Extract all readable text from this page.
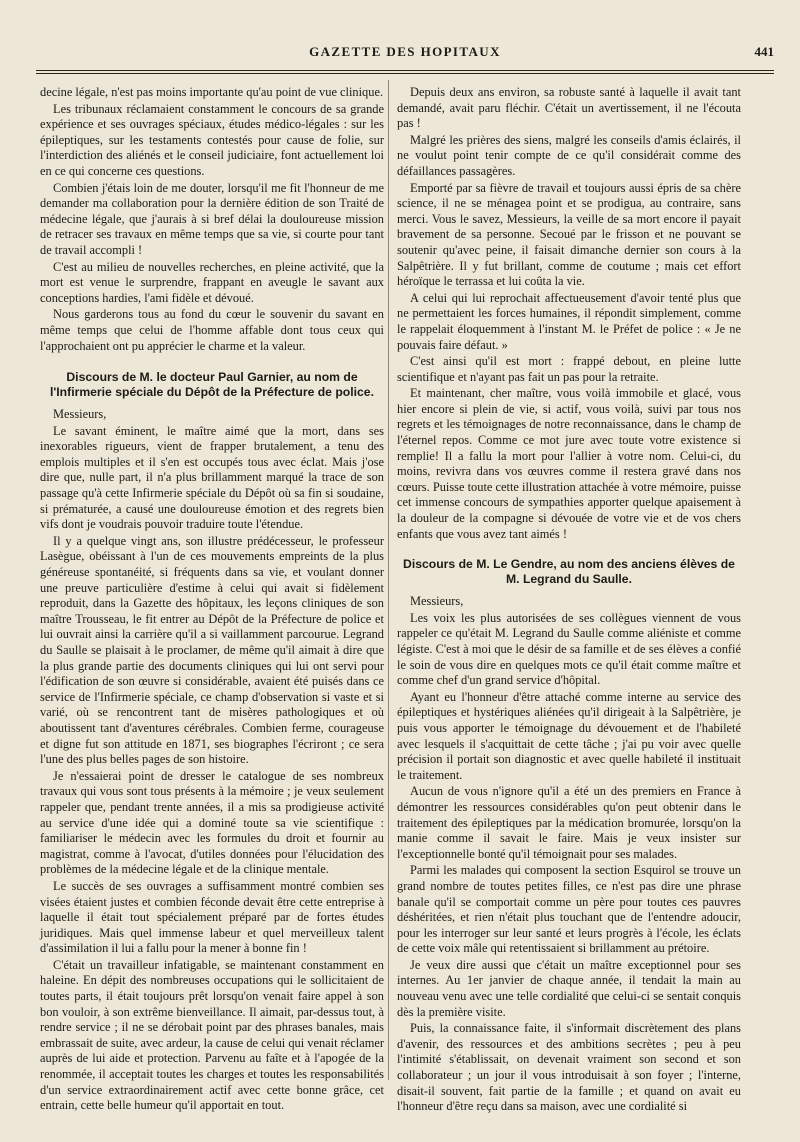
GAZETTE DES HOPITAUX	441

decine légale, n'est pas moins importante qu'au point de vue clinique.

Les tribunaux réclamaient constamment le concours de sa grande expérience et ses ouvrages spéciaux, études médico-légales : sur les épileptiques, sur les testaments contestés pour cause de folie, sur l'interdiction des aliénés et le conseil judiciaire, font actuellement loi en ce qui concerne ces questions.

Combien j'étais loin de me douter, lorsqu'il me fit l'honneur de me demander ma collaboration pour la dernière édition de son Traité de médecine légale, que j'aurais à si bref délai la douloureuse mission de retracer ses travaux en même temps que sa vie, si courte pour tant de travail accompli !

C'est au milieu de nouvelles recherches, en pleine activité, que la mort est venue le surprendre, frappant en aveugle le savant aux conceptions hardies, l'ami fidèle et dévoué.

Nous garderons tous au fond du cœur le souvenir du savant en même temps que celui de l'homme affable dont tous ceux qui l'approchaient ont pu apprécier le charme et la valeur.

Discours de M. le docteur Paul Garnier, au nom de l'Infirmerie spéciale du Dépôt de la Préfecture de police.

Messieurs,

Le savant éminent, le maître aimé que la mort, dans ses inexorables rigueurs, vient de frapper brutalement, a tenu des emplois multiples et il s'en est occupés tous avec éclat. Mais j'ose dire que, nulle part, il n'a plus brillamment marqué la trace de son passage qu'à cette Infirmerie spéciale du Dépôt où sa fin si soudaine, si prématurée, a causé une douloureuse émotion et des regrets bien vifs dont je voudrais pouvoir traduire toute l'étendue.

Il y a quelque vingt ans, son illustre prédécesseur, le professeur Lasègue, obéissant à l'un de ces mouvements empreints de la plus généreuse spontanéité, si fréquents dans sa vie, et voulant donner une preuve particulière d'estime à celui qui avait si fidèlement reproduit, dans la Gazette des hôpitaux, les leçons cliniques de son maître Trousseau, le fit entrer au Dépôt de la Préfecture de police et lui ouvrait ainsi la carrière qu'il a si vaillamment parcourue. Legrand du Saulle se plaisait à le proclamer, de même qu'il aimait à dire que la plus grande partie des documents cliniques qui lui ont servi pour l'édification de son œuvre si considérable, avaient été puisés dans ce service de l'Infirmerie spéciale, ce champ d'observation si vaste et si varié, où se rencontrent tant de misères pathologiques et où aboutissent tant d'aventures cérébrales. Combien ferme, courageuse et digne fut son attitude en 1871, ses biographes l'écriront ; ce sera l'une des plus belles pages de son histoire.

Je n'essaierai point de dresser le catalogue de ses nombreux travaux qui vous sont tous présents à la mémoire ; je veux seulement rappeler que, pendant trente années, il a mis sa prodigieuse activité au service d'une idée qui a dominé toute sa vie scientifique : familiariser le médecin avec les formules du droit et fournir au magistrat, comme à l'avocat, d'utiles données pour l'élucidation des problèmes de la médecine légale et de la clinique mentale.

Le succès de ses ouvrages a suffisamment montré combien ses visées étaient justes et combien féconde devait être cette entreprise à laquelle il était tout spécialement préparé par de fortes études juridiques. Mais quel immense labeur et quel merveilleux talent d'assimilation il lui a fallu pour la mener à bonne fin !

C'était un travailleur infatigable, se maintenant constamment en haleine. En dépit des nombreuses occupations qui le sollicitaient de toutes parts, il était toujours prêt lorsqu'on venait faire appel à son bon vouloir, à son extrême bienveillance. Il aimait, par-dessus tout, à rendre service ; il ne se dérobait point par des phrases banales, mais embrassait de suite, avec ardeur, la cause de celui qui venait réclamer auprès de lui aide et protection. Parvenu au faîte et à l'apogée de la renommée, il acceptait toutes les charges et toutes les responsabilités d'un service extraordinairement actif avec cette bonne grâce, cet entrain, cette belle humeur qu'il apportait en tout.

Depuis deux ans environ, sa robuste santé à laquelle il avait tant demandé, avait paru fléchir. C'était un avertissement, il ne l'écouta pas !

Malgré les prières des siens, malgré les conseils d'amis éclairés, il ne voulut point tenir compte de ce qu'il considérait comme des défaillances passagères.

Emporté par sa fièvre de travail et toujours aussi épris de sa chère science, il ne se ménagea point et se prodigua, au contraire, sans merci. Vous le savez, Messieurs, la veille de sa mort encore il payait bravement de sa personne. Secoué par le frisson et ne pouvant se soutenir qu'avec peine, il faisait dimanche dernier son cours à la Salpêtrière. Il y fut brillant, comme de coutume ; mais cet effort héroïque le terrassa et lui coûta la vie.

A celui qui lui reprochait affectueusement d'avoir tenté plus que ne permettaient les forces humaines, il répondit simplement, comme le rappelait éloquemment à l'instant M. le Préfet de police : « Je ne pouvais faire défaut. »

C'est ainsi qu'il est mort : frappé debout, en pleine lutte scientifique et n'ayant pas fait un pas pour la retraite.

Et maintenant, cher maître, vous voilà immobile et glacé, vous hier encore si plein de vie, si actif, vous voilà, suivi par tous nos regrets et les témoignages de notre reconnaissance, dans le champ de l'éternel repos. Comme ce mot jure avec toute votre existence si remplie! Il a fallu la mort pour l'allier à votre nom. Celui-ci, du moins, revivra dans vos œuvres comme il restera gravé dans nos cœurs. Puisse toute cette illustration attachée à votre mémoire, puisse cet immense concours de sympathies apporter quelque apaisement à la douleur de la compagne si dévouée de votre vie et de vos chers enfants que vous avez tant aimés !

Discours de M. Le Gendre, au nom des anciens élèves de M. Legrand du Saulle.

Messieurs,

Les voix les plus autorisées de ses collègues viennent de vous rappeler ce qu'était M. Legrand du Saulle comme aliéniste et comme légiste. C'est à moi que le désir de sa famille et de ses élèves a confié le soin de vous dire en quelques mots ce qu'il était comme maître et comme chef d'un grand service d'hôpital.

Ayant eu l'honneur d'être attaché comme interne au service des épileptiques et hystériques aliénées qu'il dirigeait à la Salpêtrière, je puis vous apporter le témoignage du dévouement et de l'habileté avec lesquels il s'acquittait de cette tâche ; j'ai pu voir avec quelle précision il portait son diagnostic et avec quelle habileté il instituait le traitement.

Aucun de vous n'ignore qu'il a été un des premiers en France à démontrer les ressources considérables qu'on peut obtenir dans le traitement des épileptiques par la médication bromurée, lorsqu'on la manie comme il savait le faire. Mais je veux insister sur l'exceptionnelle bonté qu'il témoignait pour ses malades.

Parmi les malades qui composent la section Esquirol se trouve un grand nombre de toutes petites filles, ce n'est pas dire une phrase banale qu'il se comportait comme un père pour toutes ces pauvres déshéritées, et rien n'était plus touchant que de l'entendre adoucir, pour les interroger sur leur santé et leurs progrès à l'école, les éclats de cette voix mâle qui retentissaient si brillamment au prétoire.

Je veux dire aussi que c'était un maître exceptionnel pour ses internes. Au 1er janvier de chaque année, il tendait la main au nouveau venu avec une telle cordialité que celui-ci se sentait conquis dès la première visite.

Puis, la connaissance faite, il s'informait discrètement des plans d'avenir, des ressources et des ambitions secrètes ; peu à peu l'intimité s'établissait, on devenait vraiment son second et son collaborateur ; un jour il vous introduisait à son foyer ; l'interne, disait-il souvent, fait partie de la famille ; et quand on avait eu l'honneur d'être reçu dans sa maison, avec une cordialité si
